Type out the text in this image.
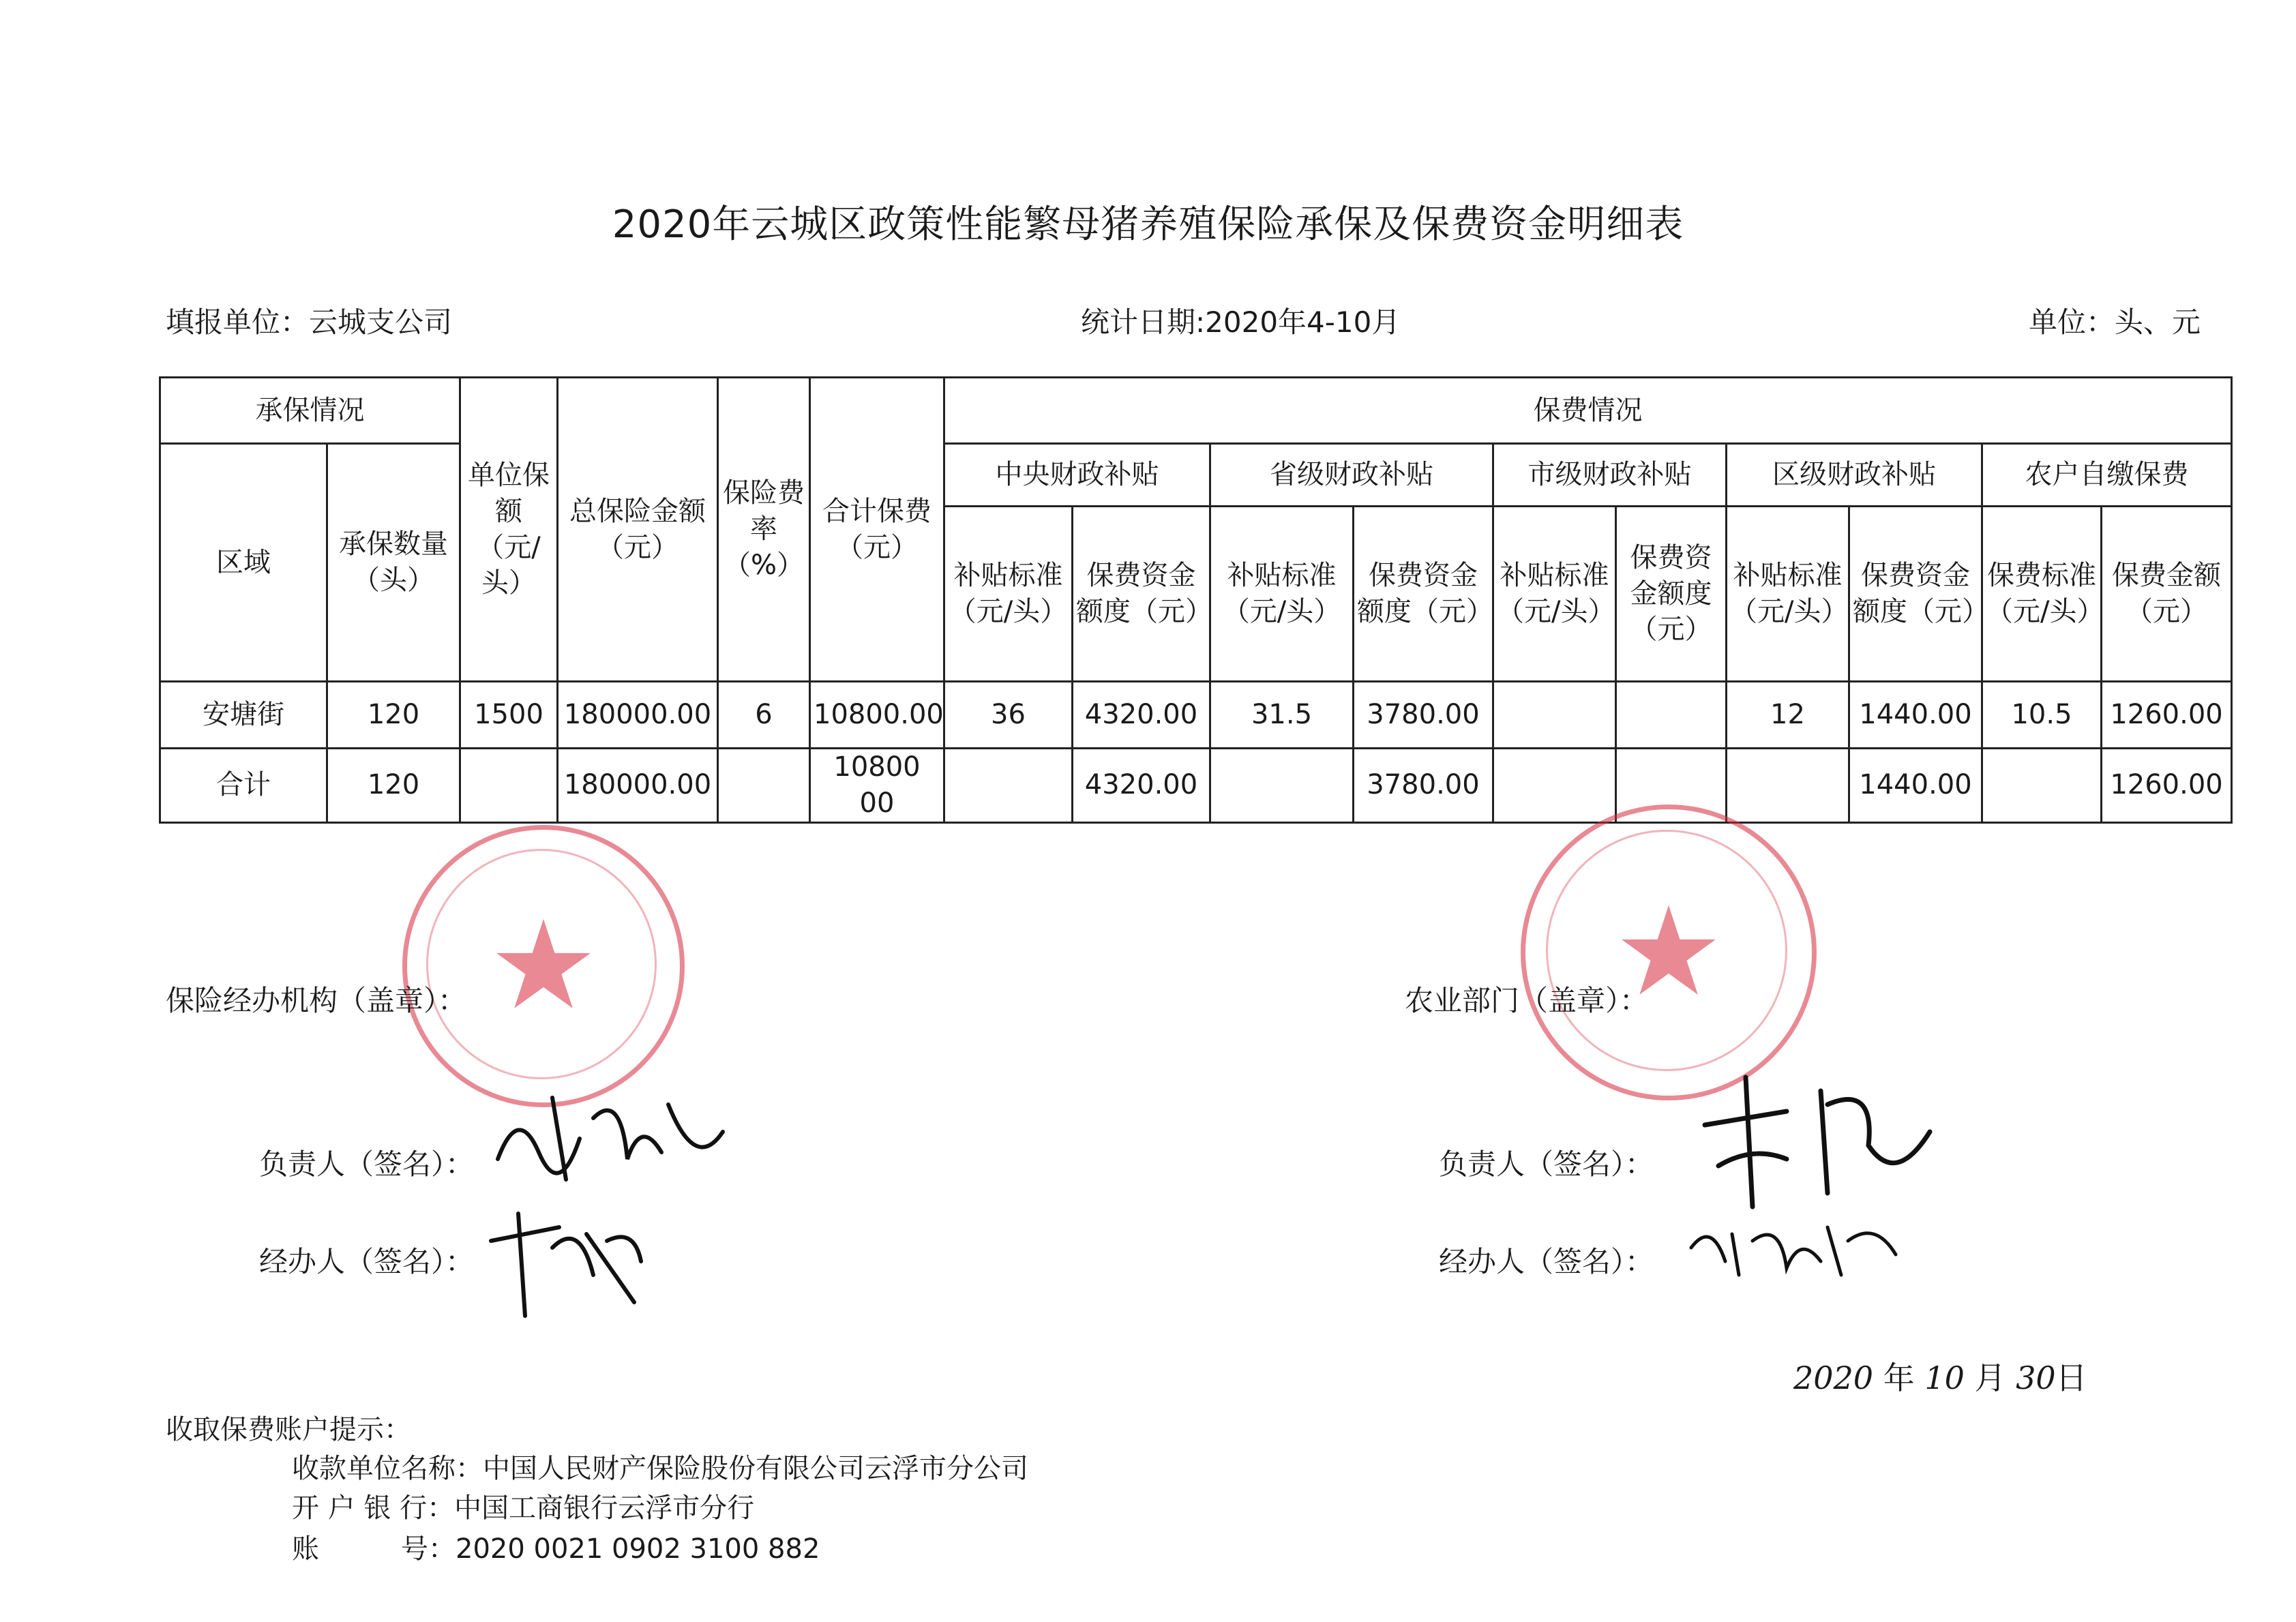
2020年云城区政策性能繁母猪养殖保险承保及保费资金明细表
填报单位：云城支公司	统计日期:2020年4-10月	单位：头、元
承保情况		单位保额（元/头）	总保险金额（元）	保险费率（%）	合计保费（元）	保费情况									
区域	承保数量（头）					中央财政补贴		省级财政补贴		市级财政补贴		区级财政补贴		农户自缴保费	
						补贴标准（元/头）	保费资金额度（元）	补贴标准（元/头）	保费资金额度（元）	补贴标准（元/头）	保费资金额度（元）	补贴标准（元/头）	保费资金额度（元）	保费标准（元/头）	保费金额（元）
安塘街	120	1500	180000.00	6	10800.00	36	4320.00	31.5	3780.00			12	1440.00	10.5	1260.00
合计	120		180000.00		10800 00		4320.00		3780.00				1440.00		1260.00
★	★
保险经办机构（盖章）：	农业部门（盖章）：
负责人（签名）：	负责人（签名）：
经办人（签名）：	经办人（签名）：
2020 年 10 月 30日
收取保费账户提示：
收款单位名称：中国人民财产保险股份有限公司云浮市分公司
开 户 银 行：中国工商银行云浮市分行
账　　　号：2020 0021 0902 3100 882
